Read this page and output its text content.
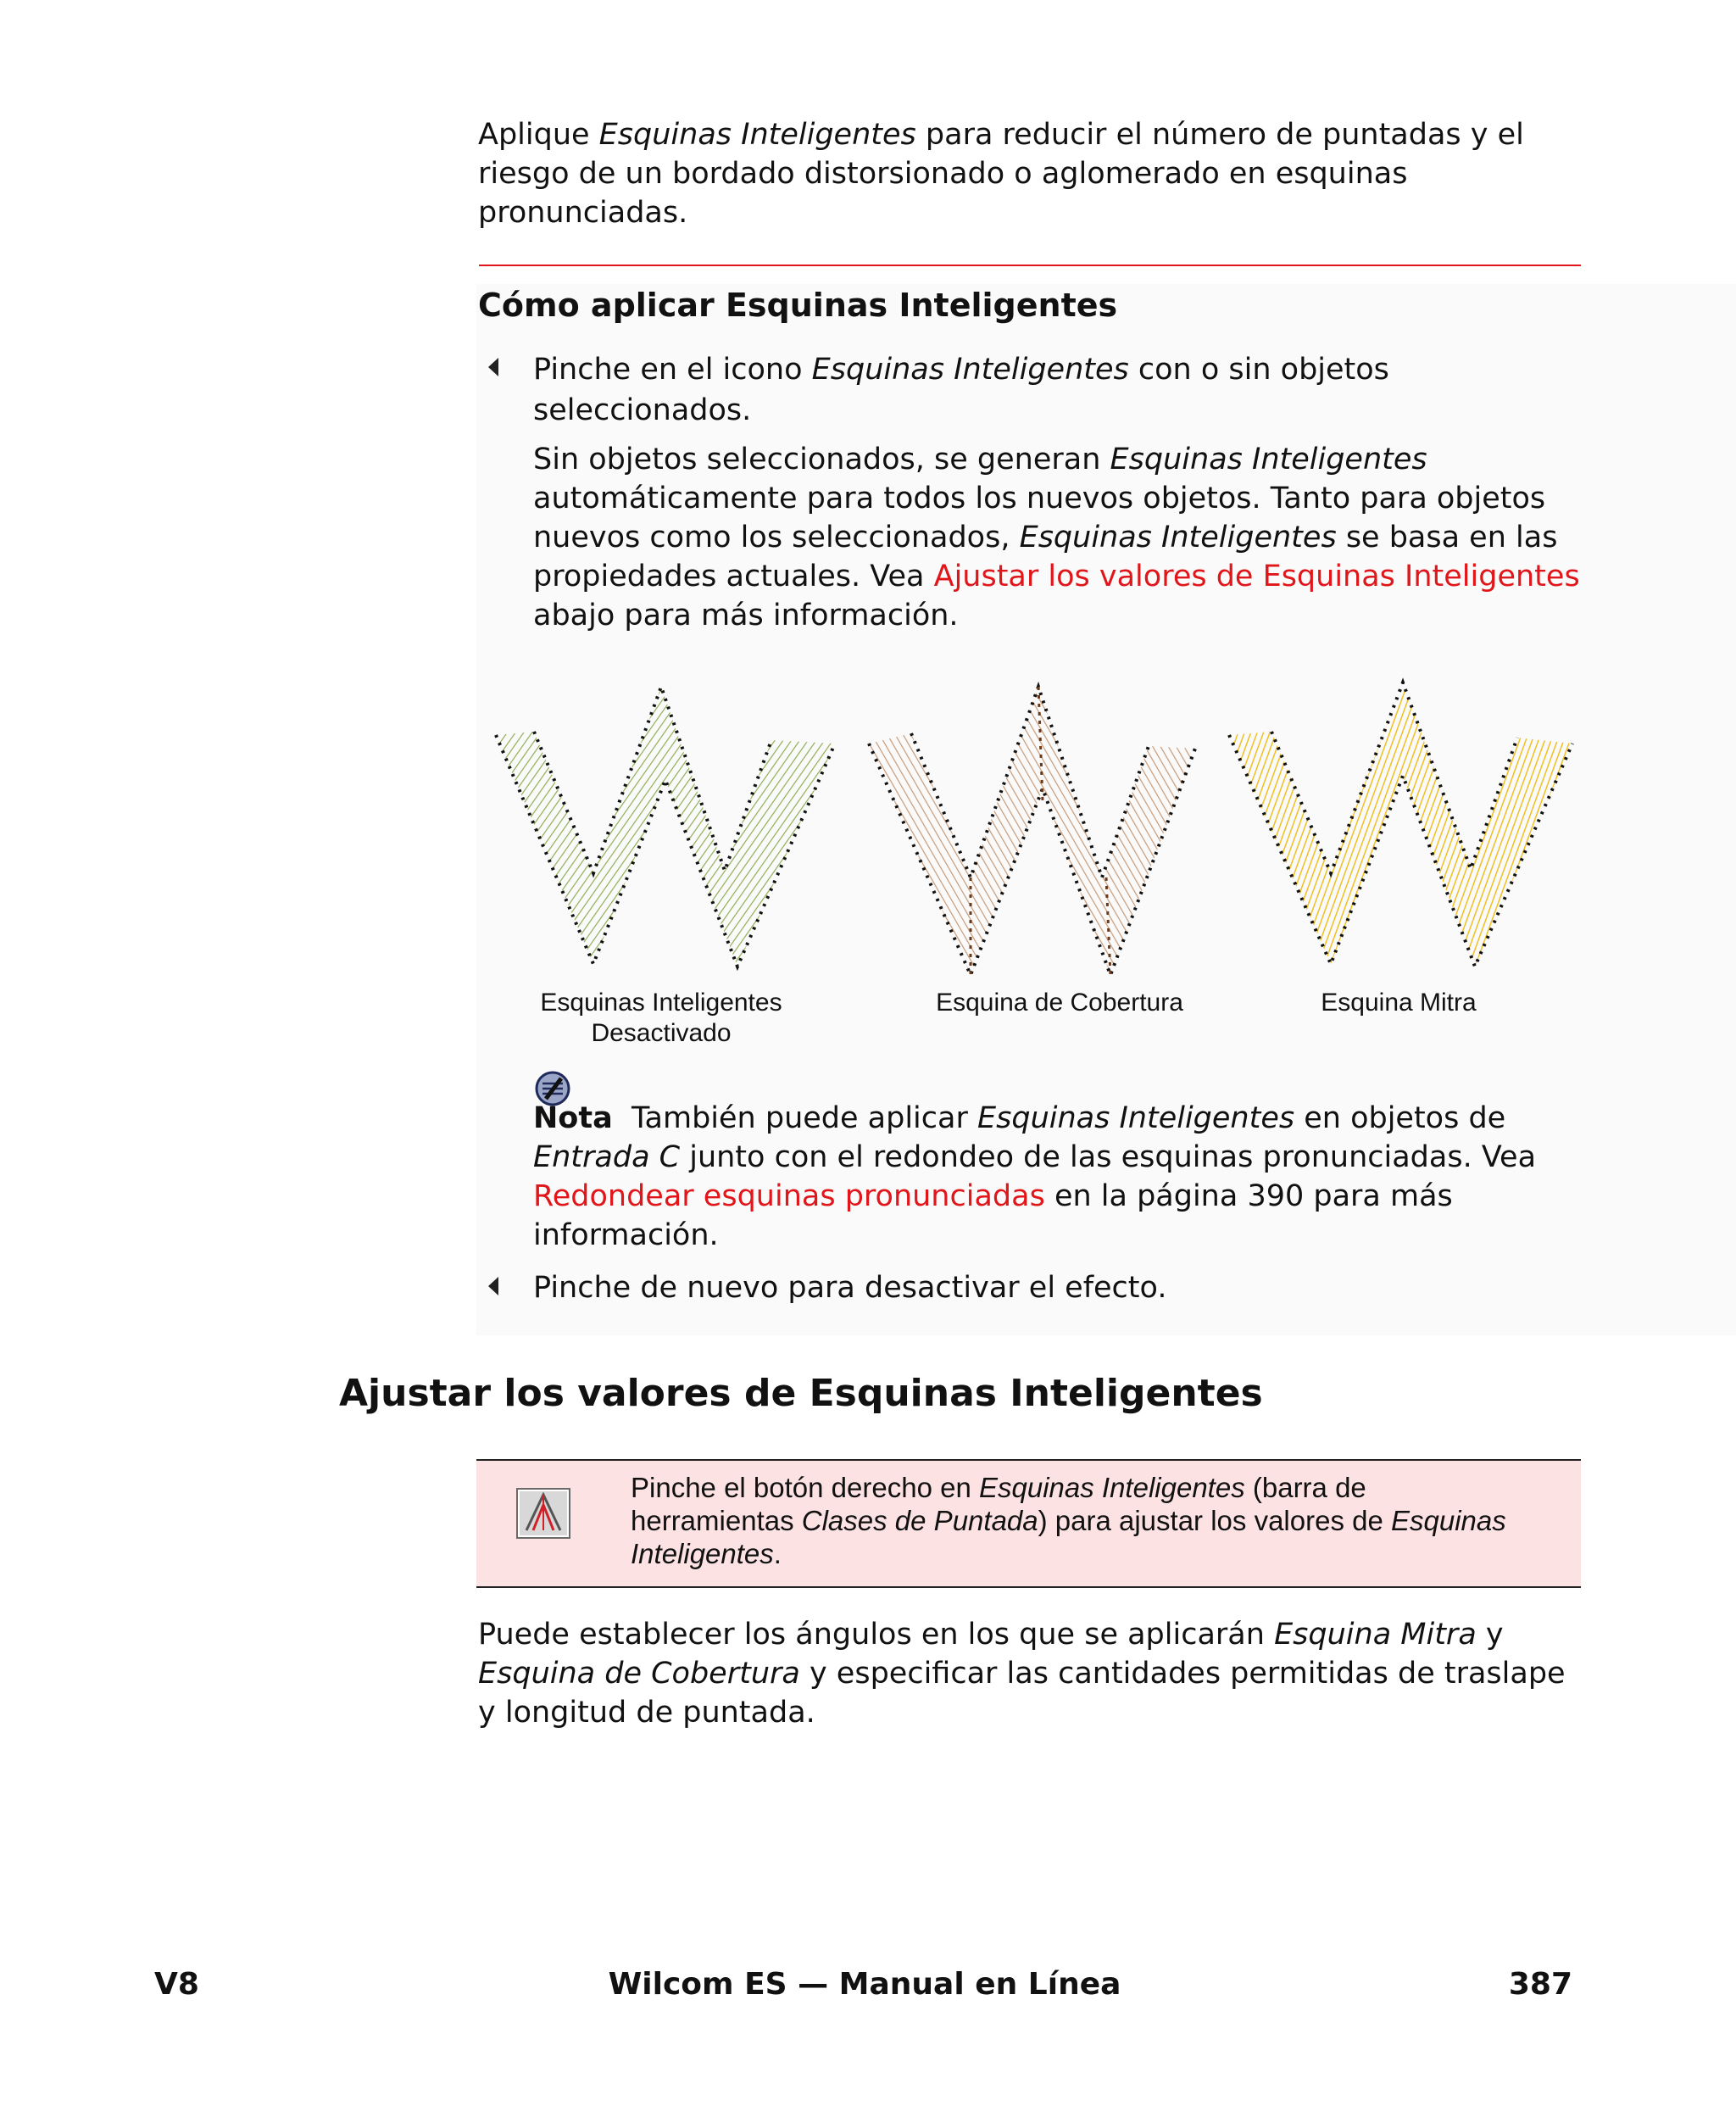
Aplique Esquinas Inteligentes para reducir el número de puntadas y el
riesgo de un bordado distorsionado o aglomerado en esquinas
pronunciadas.
Cómo aplicar Esquinas Inteligentes
Pinche en el icono Esquinas Inteligentes con o sin objetos
seleccionados.
Sin objetos seleccionados, se generan Esquinas Inteligentes
automáticamente para todos los nuevos objetos. Tanto para objetos
nuevos como los seleccionados, Esquinas Inteligentes se basa en las
propiedades actuales. Vea Ajustar los valores de Esquinas Inteligentes
abajo para más información.
Esquinas Inteligentes
Desactivado
Esquina de Cobertura	Esquina Mitra
Nota También puede aplicar Esquinas Inteligentes en objetos de
Entrada C junto con el redondeo de las esquinas pronunciadas. Vea
Redondear esquinas pronunciadas en la página 390 para más
información.
Pinche de nuevo para desactivar el efecto.
Ajustar los valores de Esquinas Inteligentes
Pinche el botón derecho en Esquinas Inteligentes (barra de
herramientas Clases de Puntada) para ajustar los valores de Esquinas
Inteligentes.
Puede establecer los ángulos en los que se aplicarán Esquina Mitra y
Esquina de Cobertura y especificar las cantidades permitidas de traslape
y longitud de puntada.
V8	Wilcom ES — Manual en Línea	387
